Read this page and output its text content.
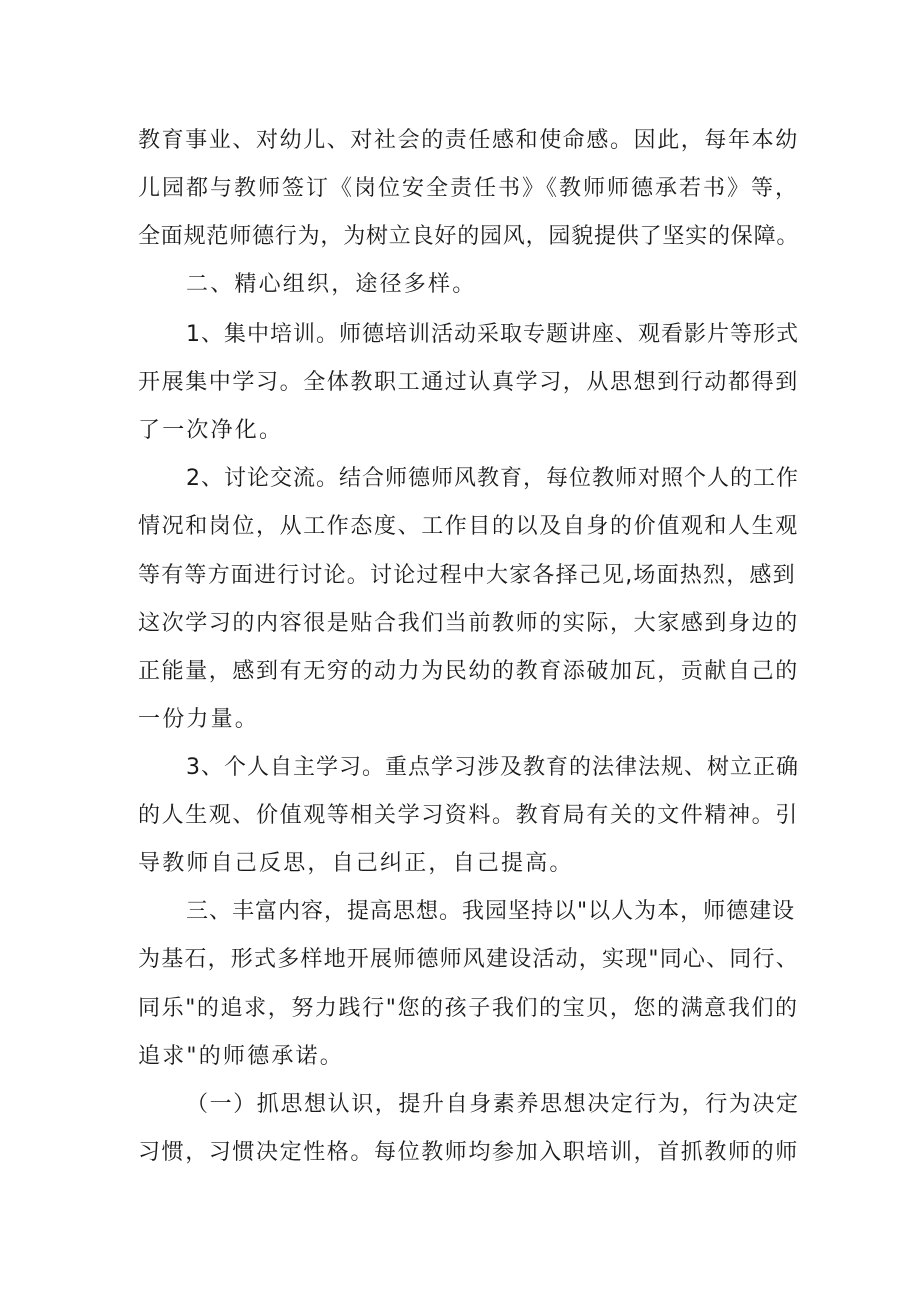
教育事业、对幼儿、对社会的责任感和使命感。因此，每年本幼
儿园都与教师签订《岗位安全责任书》《教师师德承若书》等，
全面规范师德行为，为树立良好的园风，园貌提供了坚实的保障。
二、精心组织，途径多样。
1、集中培训。师德培训活动采取专题讲座、观看影片等形式
开展集中学习。全体教职工通过认真学习，从思想到行动都得到
了一次净化。
2、讨论交流。结合师德师风教育，每位教师对照个人的工作
情况和岗位，从工作态度、工作目的以及自身的价值观和人生观
等有等方面进行讨论。讨论过程中大家各择己见,场面热烈，感到
这次学习的内容很是贴合我们当前教师的实际，大家感到身边的
正能量，感到有无穷的动力为民幼的教育添破加瓦，贡献自己的
一份力量。
3、个人自主学习。重点学习涉及教育的法律法规、树立正确
的人生观、价值观等相关学习资料。教育局有关的文件精神。引
导教师自己反思，自己纠正，自己提高。
三、丰富内容，提高思想。我园坚持以"以人为本，师德建设
为基石，形式多样地开展师德师风建设活动，实现"同心、同行、
同乐"的追求，努力践行"您的孩子我们的宝贝，您的满意我们的
追求"的师德承诺。
（一）抓思想认识，提升自身素养思想决定行为，行为决定
习惯，习惯决定性格。每位教师均参加入职培训，首抓教师的师
